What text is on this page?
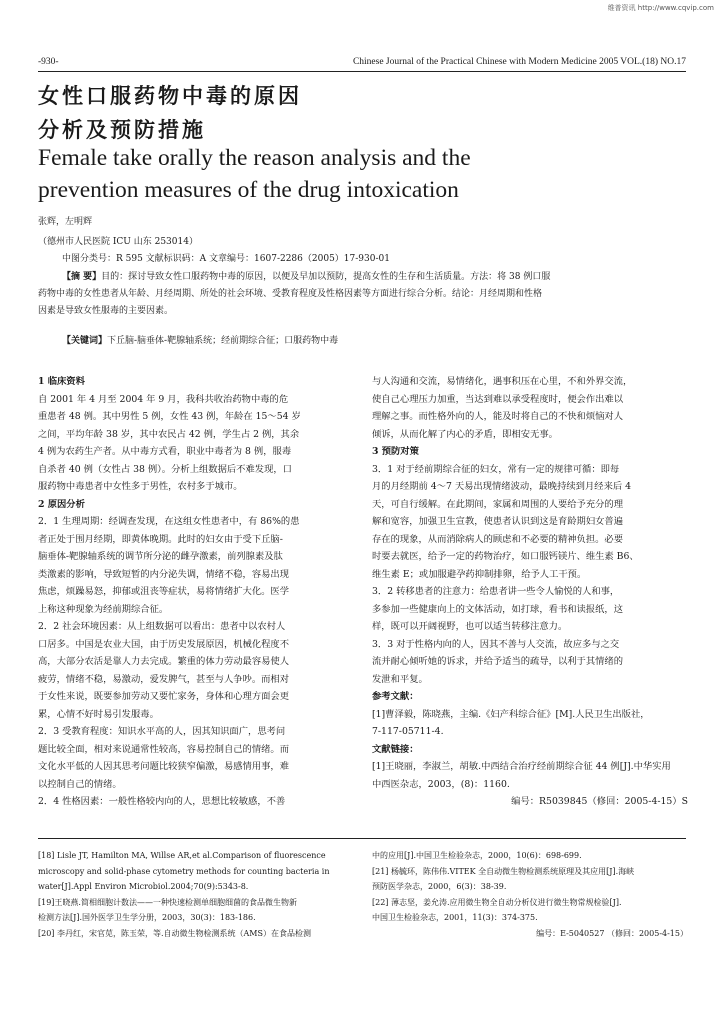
维普资讯 http://www.cqvip.com
-930-	Chinese Journal of the Practical Chinese with Modern Medicine 2005 VOL.(18) NO.17
女性口服药物中毒的原因
分析及预防措施
Female take orally the reason analysis and the
prevention measures of the drug intoxication
张辉，左明辉
（德州市人民医院 ICU 山东 253014）
中图分类号：R 595 文献标识码：A 文章编号：1607-2286（2005）17-930-01
【摘 要】目的：探讨导致女性口服药物中毒的原因，以便及早加以预防，提高女性的生存和生活质量。方法：将 38 例口服
药物中毒的女性患者从年龄、月经周期、所处的社会环境、受教育程度及性格因素等方面进行综合分析。结论：月经周期和性格
因素是导致女性服毒的主要因素。
【关键词】下丘脑-脑垂体-靶腺轴系统；经前期综合征；口服药物中毒
1 临床资料
自 2001 年 4 月至 2004 年 9 月，我科共收治药物中毒的危
重患者 48 例。其中男性 5 例，女性 43 例，年龄在 15～54 岁
之间，平均年龄 38 岁，其中农民占 42 例，学生占 2 例，其余
4 例为农药生产者。从中毒方式看，职业中毒者为 8 例，服毒
自杀者 40 例（女性占 38 例）。分析上组数据后不难发现，口
服药物中毒患者中女性多于男性，农村多于城市。
2 原因分析
2．1 生理周期：经调查发现，在这组女性患者中，有 86%的患
者正处于围月经期，即黄体晚期。此时的妇女由于受下丘脑-
脑垂体-靶腺轴系统的调节所分泌的雌孕激素，前列腺素及肽
类激素的影响，导致短暂的内分泌失调，情绪不稳，容易出现
焦虑，烦躁易怒，抑郁或沮丧等症状，易将情绪扩大化。医学
上称这种现象为经前期综合征。
2．2 社会环境因素：从上组数据可以看出：患者中以农村人
口居多。中国是农业大国，由于历史发展原因，机械化程度不
高，大部分农活是靠人力去完成。繁重的体力劳动最容易使人
疲劳，情绪不稳，易激动，爱发脾气，甚至与人争吵。而相对
于女性来说，既要参加劳动又要忙家务，身体和心理方面会更
累，心情不好时易引发服毒。
2．3 受教育程度：知识水平高的人，因其知识面广，思考问
题比较全面，相对来说通常性较高，容易控制自己的情绪。而
文化水平低的人因其思考问题比较狭窄偏激，易感情用事，难
以控制自己的情绪。
2．4 性格因素：一般性格较内向的人，思想比较敏感，不善
与人沟通和交流，易情绪化，遇事积压在心里，不和外界交流，
使自己心理压力加重，当达到难以承受程度时，便会作出难以
理解之事。而性格外向的人，能及时将自己的不快和烦恼对人
倾诉，从而化解了内心的矛盾，即相安无事。
3 预防对策
3．1 对于经前期综合征的妇女，常有一定的规律可循：即每
月的月经期前 4～7 天易出现情绪波动，最晚持续到月经来后 4
天，可自行缓解。在此期间，家属和周围的人要给予充分的理
解和宽容，加强卫生宣教，使患者认识到这是育龄期妇女普遍
存在的现象，从而消除病人的顾虑和不必要的精神负担。必要
时要去就医，给予一定的药物治疗，如口服钙镁片、维生素 B6、
维生素 E；或加服避孕药抑制排卵，给予人工干预。
3．2 转移患者的注意力：给患者讲一些令人愉悦的人和事，
多参加一些健康向上的文体活动，如打球，看书和读报纸，这
样，既可以开阔视野，也可以适当转移注意力。
3．3 对于性格内向的人，因其不善与人交流，故应多与之交
流并耐心倾听她的诉求，并给予适当的疏导，以利于其情绪的
发泄和平复。
参考文献：
[1]曹泽毅，陈晓燕，主编.《妇产科综合征》[M].人民卫生出版社，
7-117-05711-4.
文献链接：
[1]王晓丽，李淑兰，胡敏.中西结合治疗经前期综合征 44 例[J].中华实用
中西医杂志，2003，(8)：1160.
编号：R5039845（修回：2005-4-15）S
[18] Lisle JT, Hamilton MA, Willse AR,et al.Comparison of fluorescence
microscopy and solid-phase cytometry methods for counting bacteria in
water[J].Appl Environ Microbiol.2004;70(9):5343-8.
[19]王晓燕.简相细胞计数法——一种快速检测单细胞细菌的食品微生物新
检测方法[J].国外医学卫生学分册，2003，30(3)：183-186.
[20] 李丹红，宋官苋，陈玉荣，等.自动微生物检测系统（AMS）在食品检测
中的应用[J].中国卫生检验杂志，2000，10(6)：698-699.
[21] 杨毓环，陈伟伟.VITEK 全自动微生物检测系统原理及其应用[J].海峡
预防医学杂志，2000，6(3)：38-39.
[22] 薄志坚，姜允涛.应用微生物全自动分析仪进行微生物常规检验[J].
中国卫生检验杂志，2001，11(3)：374-375.
编号：E-5040527 （修回：2005-4-15）
